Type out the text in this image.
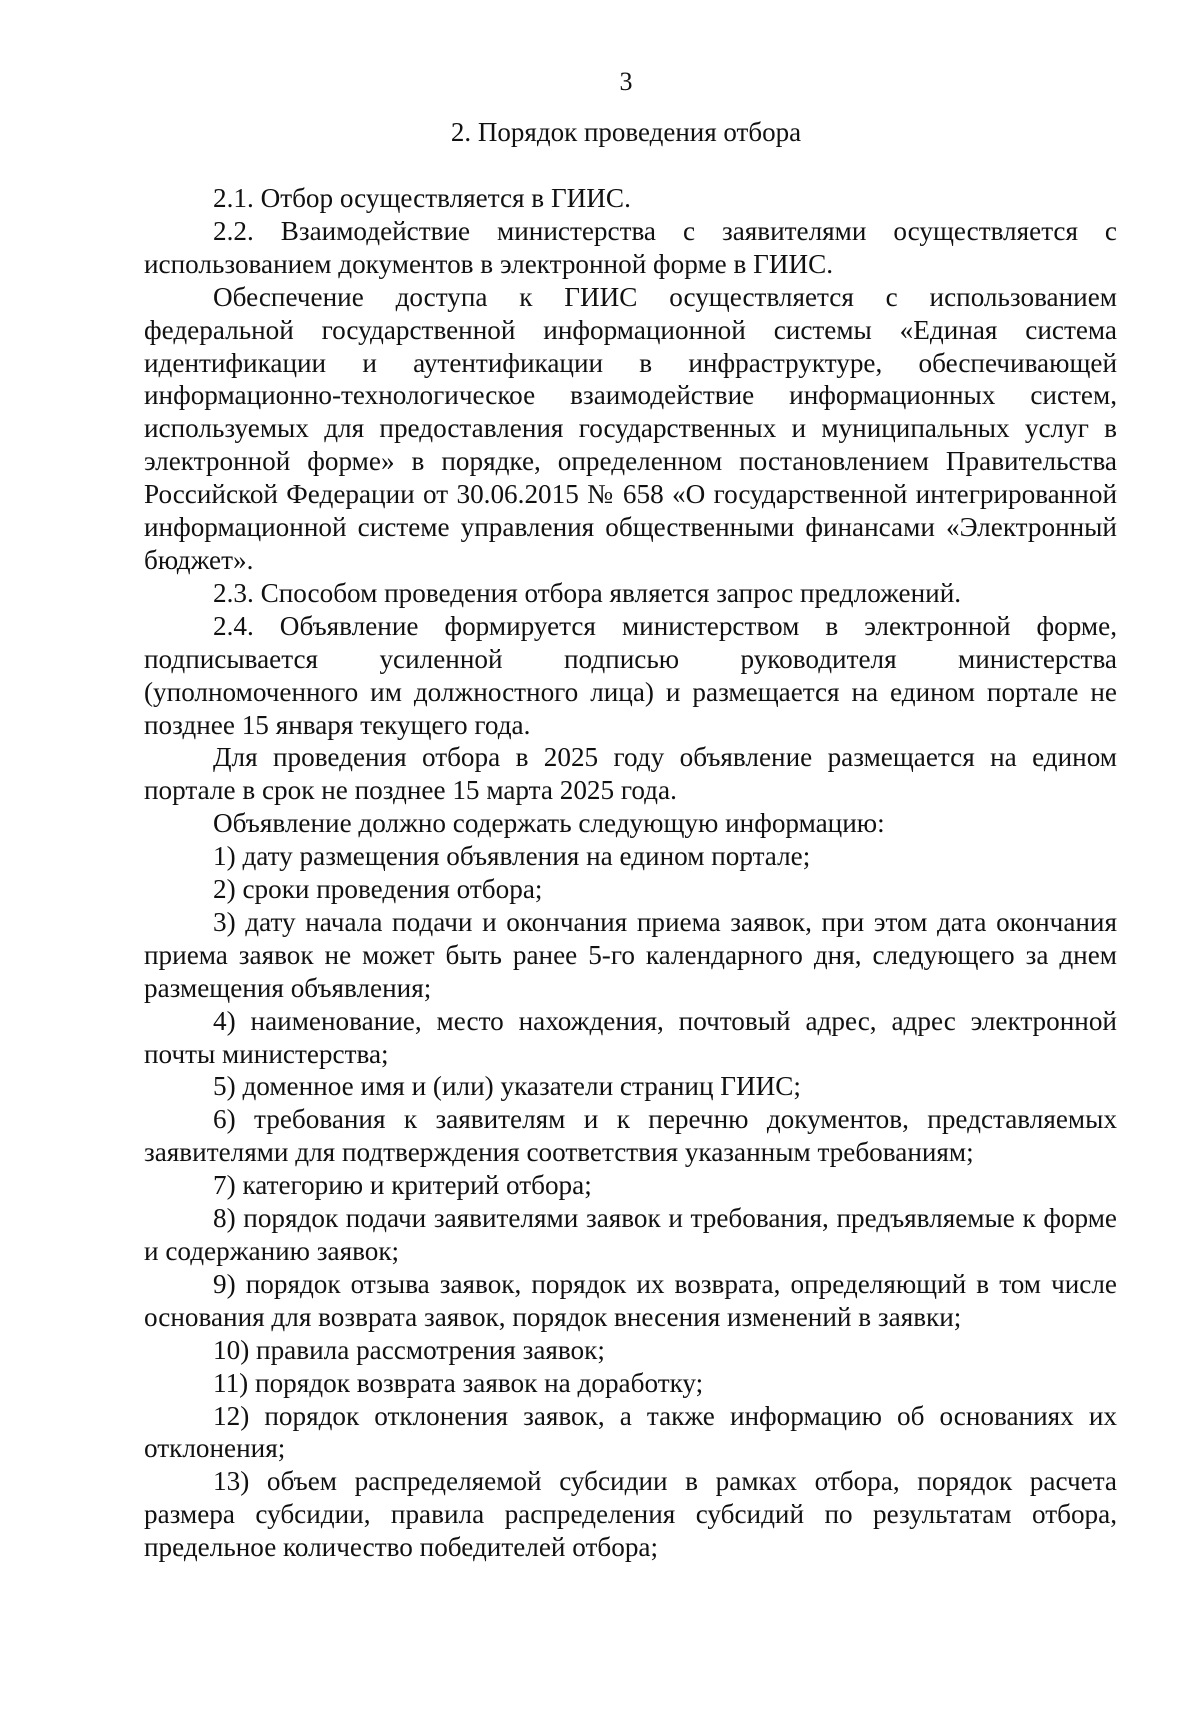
3
2. Порядок проведения отбора

2.1. Отбор осуществляется в ГИИС.

2.2. Взаимодействие министерства с заявителями осуществляется с использованием документов в электронной форме в ГИИС.

Обеспечение доступа к ГИИС осуществляется с использованием федеральной государственной информационной системы «Единая система идентификации и аутентификации в инфраструктуре, обеспечивающей информационно-технологическое взаимодействие информационных систем, используемых для предоставления государственных и муниципальных услуг в электронной форме» в порядке, определенном постановлением Правительства Российской Федерации от 30.06.2015 № 658 «О государственной интегрированной информационной системе управления общественными финансами «Электронный бюджет».

2.3. Способом проведения отбора является запрос предложений.

2.4. Объявление формируется министерством в электронной форме, подписывается усиленной подписью руководителя министерства (уполномоченного им должностного лица) и размещается на едином портале не позднее 15 января текущего года.

Для проведения отбора в 2025 году объявление размещается на едином портале в срок не позднее 15 марта 2025 года.

Объявление должно содержать следующую информацию:

1) дату размещения объявления на едином портале;

2) сроки проведения отбора;

3) дату начала подачи и окончания приема заявок, при этом дата окончания приема заявок не может быть ранее 5-го календарного дня, следующего за днем размещения объявления;

4) наименование, место нахождения, почтовый адрес, адрес электронной почты министерства;

5) доменное имя и (или) указатели страниц ГИИС;

6) требования к заявителям и к перечню документов, представляемых заявителями для подтверждения соответствия указанным требованиям;

7) категорию и критерий отбора;

8) порядок подачи заявителями заявок и требования, предъявляемые к форме и содержанию заявок;

9) порядок отзыва заявок, порядок их возврата, определяющий в том числе основания для возврата заявок, порядок внесения изменений в заявки;

10) правила рассмотрения заявок;

11) порядок возврата заявок на доработку;

12) порядок отклонения заявок, а также информацию об основаниях их отклонения;

13) объем распределяемой субсидии в рамках отбора, порядок расчета размера субсидии, правила распределения субсидий по результатам отбора, предельное количество победителей отбора;
